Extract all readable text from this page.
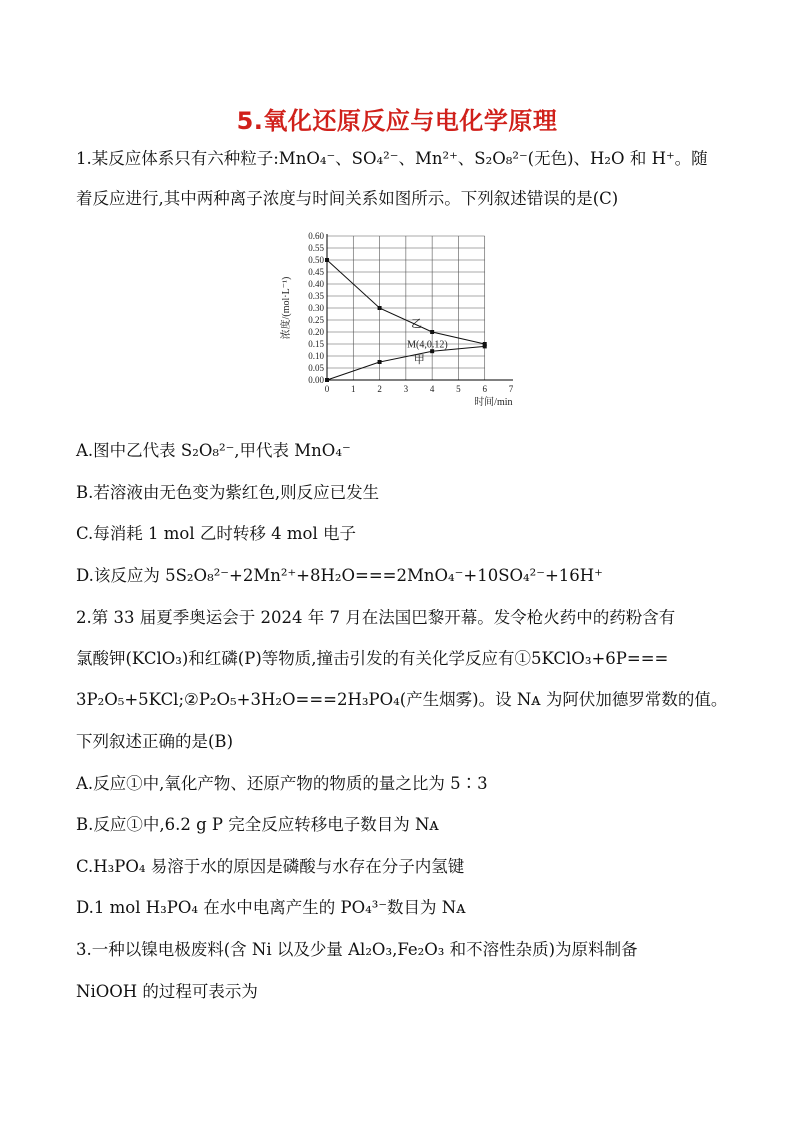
5.氧化还原反应与电化学原理
1.某反应体系只有六种粒子:MnO₄⁻、SO₄²⁻、Mn²⁺、S₂O₈²⁻(无色)、H₂O 和 H⁺。随
着反应进行,其中两种离子浓度与时间关系如图所示。下列叙述错误的是(C)
0.00
0.05
0.10
0.15
0.20
0.25
0.30
0.35
0.40
0.45
0.50
0.55
0.60
0 1 2 3 4 5 6 7
浓度/(mol·L⁻¹)
时间/min
M(4,0.12)
乙
甲
A.图中乙代表 S₂O₈²⁻,甲代表 MnO₄⁻
B.若溶液由无色变为紫红色,则反应已发生
C.每消耗 1 mol 乙时转移 4 mol 电子
D.该反应为 5S₂O₈²⁻+2Mn²⁺+8H₂O===2MnO₄⁻+10SO₄²⁻+16H⁺
2.第 33 届夏季奥运会于 2024 年 7 月在法国巴黎开幕。发令枪火药中的药粉含有
氯酸钾(KClO₃)和红磷(P)等物质,撞击引发的有关化学反应有①5KClO₃+6P===
3P₂O₅+5KCl;②P₂O₅+3H₂O===2H₃PO₄(产生烟雾)。设 Nᴀ 为阿伏加德罗常数的值。
下列叙述正确的是(B)
A.反应①中,氧化产物、还原产物的物质的量之比为 5∶3
B.反应①中,6.2 g P 完全反应转移电子数目为 Nᴀ
C.H₃PO₄ 易溶于水的原因是磷酸与水存在分子内氢键
D.1 mol H₃PO₄ 在水中电离产生的 PO₄³⁻数目为 Nᴀ
3.一种以镍电极废料(含 Ni 以及少量 Al₂O₃,Fe₂O₃ 和不溶性杂质)为原料制备
NiOOH 的过程可表示为
